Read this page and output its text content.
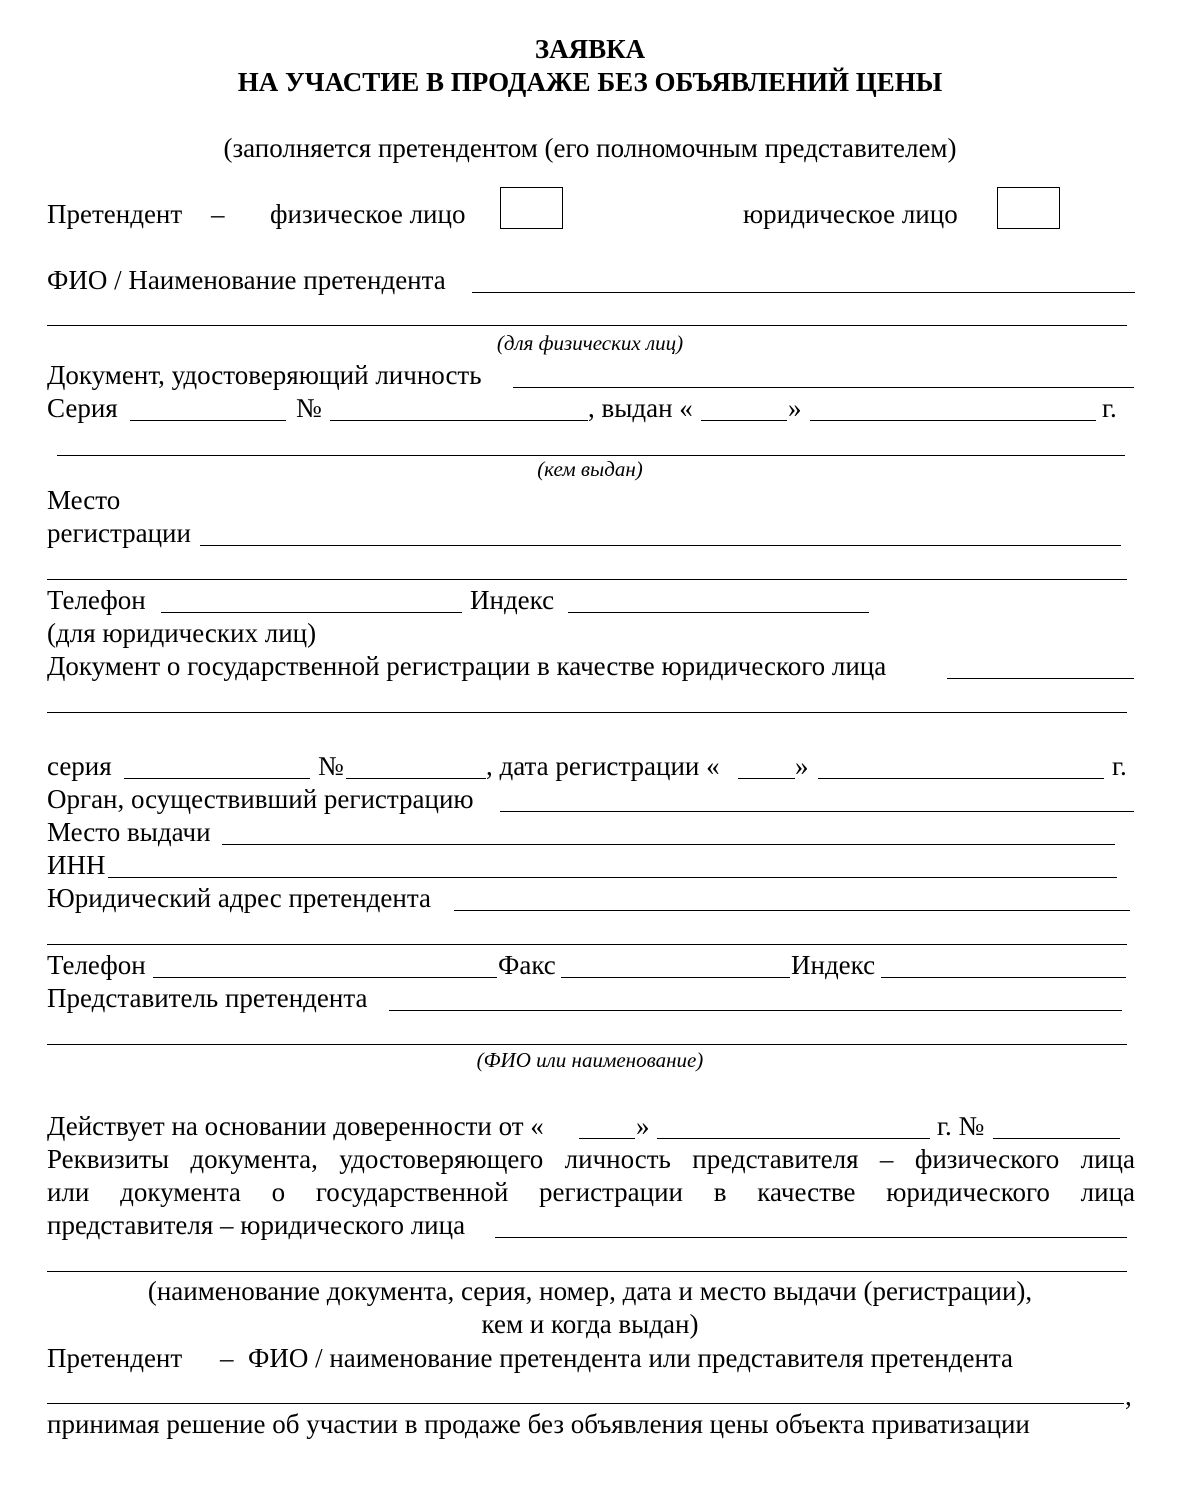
ЗАЯВКА
НА УЧАСТИЕ В ПРОДАЖЕ БЕЗ ОБЪЯВЛЕНИЙ ЦЕНЫ
(заполняется претендентом (его полномочным представителем)
Претендент – физическое лицо	юридическое лицо
ФИО / Наименование претендента
(для физических лиц)
Документ, удостоверяющий личность
Серия	№	, выдан «	»	г.
(кем выдан)
Место
регистрации
Телефон	Индекс
(для юридических лиц)
Документ о государственной регистрации в качестве юридического лица
серия	№	, дата регистрации «	»	г.
Орган, осуществивший регистрацию
Место выдачи
ИНН
Юридический адрес претендента
Телефон	Факс	Индекс
Представитель претендента
(ФИО или наименование)
Действует на основании доверенности от «	»	г. №
Реквизиты документа, удостоверяющего личность представителя – физического лица
или документа о государственной регистрации в качестве юридического лица
представителя – юридического лица
(наименование документа, серия, номер, дата и место выдачи (регистрации),
кем и когда выдан)
Претендент – ФИО / наименование претендента или представителя претендента
,
принимая решение об участии в продаже без объявления цены объекта приватизации
